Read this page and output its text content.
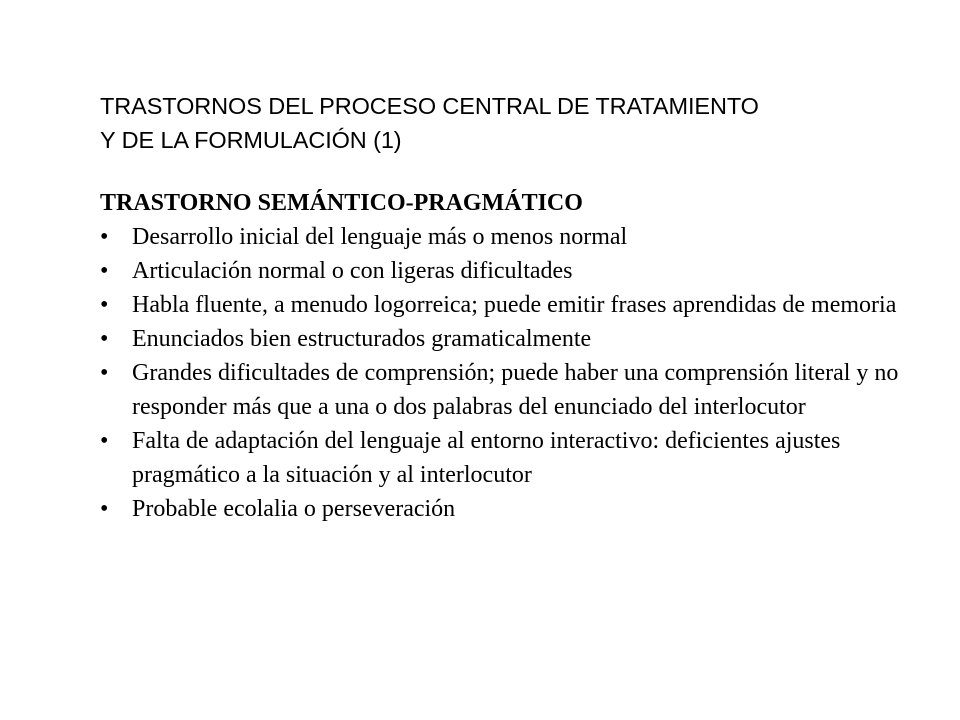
TRASTORNOS DEL PROCESO CENTRAL DE TRATAMIENTO
Y DE LA FORMULACIÓN (1)

TRASTORNO SEMÁNTICO-PRAGMÁTICO

• Desarrollo inicial del lenguaje más o menos normal
• Articulación normal o con ligeras dificultades
• Habla fluente, a menudo logorreica; puede emitir frases aprendidas de memoria
• Enunciados bien estructurados gramaticalmente
• Grandes dificultades de comprensión; puede haber una comprensión literal y no responder más que a una o dos palabras del enunciado del interlocutor
• Falta de adaptación del lenguaje al entorno interactivo: deficientes ajustes pragmático a la situación y al interlocutor
• Probable ecolalia o perseveración
